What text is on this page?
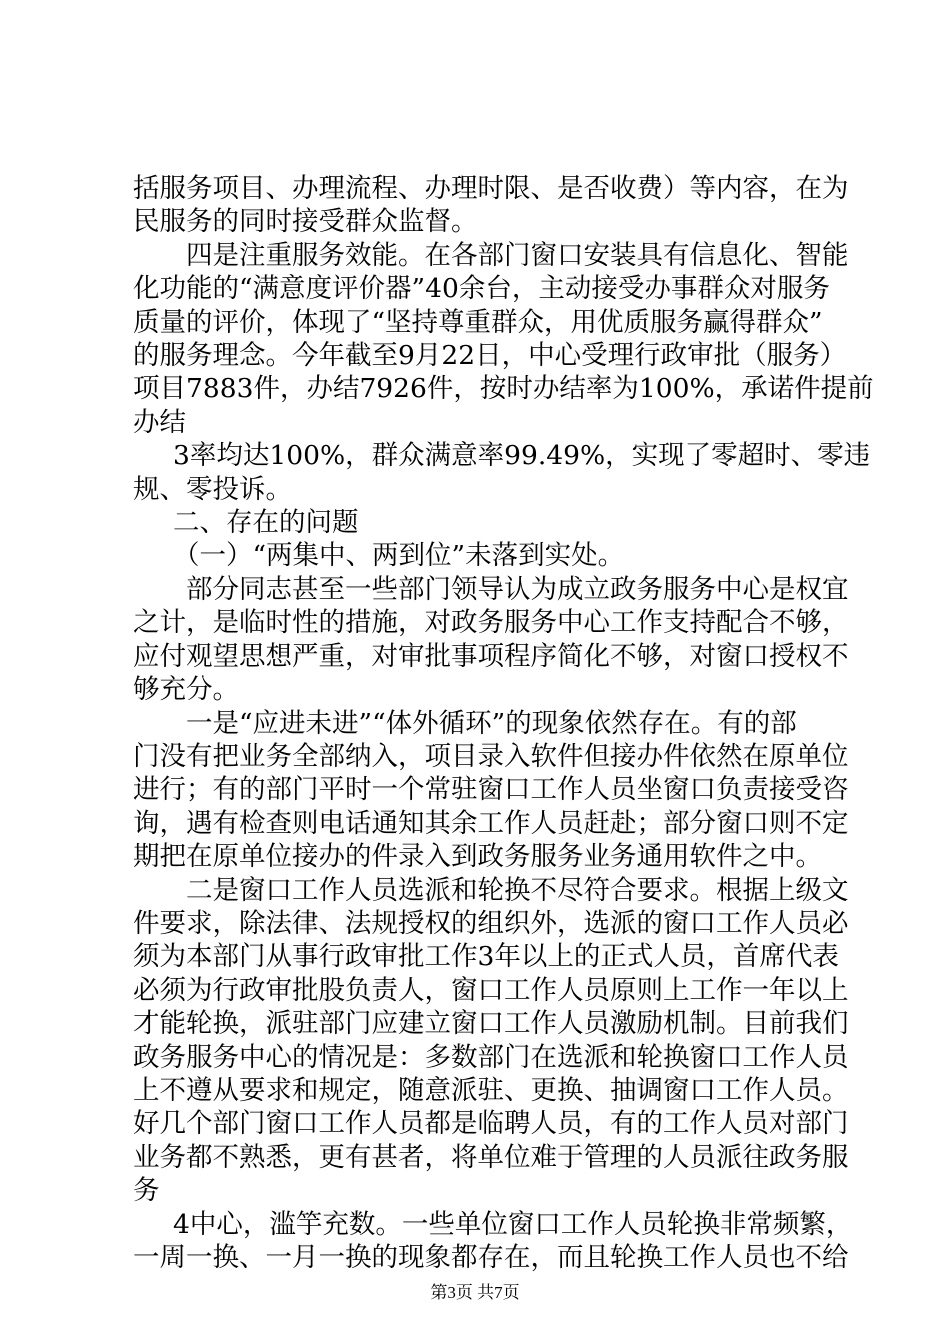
括服务项目、办理流程、办理时限、是否收费）等内容，在为

民服务的同时接受群众监督。

四是注重服务效能。在各部门窗口安装具有信息化、智能

化功能的“满意度评价器”40余台，主动接受办事群众对服务

质量的评价，体现了“坚持尊重群众，用优质服务赢得群众”

的服务理念。今年截至9月22日，中心受理行政审批（服务）

项目7883件，办结7926件，按时办结率为100%，承诺件提前

办结

3率均达100%，群众满意率99.49%，实现了零超时、零违

规、零投诉。

二、存在的问题

（一）“两集中、两到位”未落到实处。

部分同志甚至一些部门领导认为成立政务服务中心是权宜

之计，是临时性的措施，对政务服务中心工作支持配合不够，

应付观望思想严重，对审批事项程序简化不够，对窗口授权不

够充分。

一是“应进未进”“体外循环”的现象依然存在。有的部

门没有把业务全部纳入，项目录入软件但接办件依然在原单位

进行；有的部门平时一个常驻窗口工作人员坐窗口负责接受咨

询，遇有检查则电话通知其余工作人员赶赴；部分窗口则不定

期把在原单位接办的件录入到政务服务业务通用软件之中。

二是窗口工作人员选派和轮换不尽符合要求。根据上级文

件要求，除法律、法规授权的组织外，选派的窗口工作人员必

须为本部门从事行政审批工作3年以上的正式人员，首席代表

必须为行政审批股负责人，窗口工作人员原则上工作一年以上

才能轮换，派驻部门应建立窗口工作人员激励机制。目前我们

政务服务中心的情况是：多数部门在选派和轮换窗口工作人员

上不遵从要求和规定，随意派驻、更换、抽调窗口工作人员。

好几个部门窗口工作人员都是临聘人员，有的工作人员对部门

业务都不熟悉，更有甚者，将单位难于管理的人员派往政务服

务

4中心，滥竽充数。一些单位窗口工作人员轮换非常频繁，

一周一换、一月一换的现象都存在，而且轮换工作人员也不给

第3页 共7页
